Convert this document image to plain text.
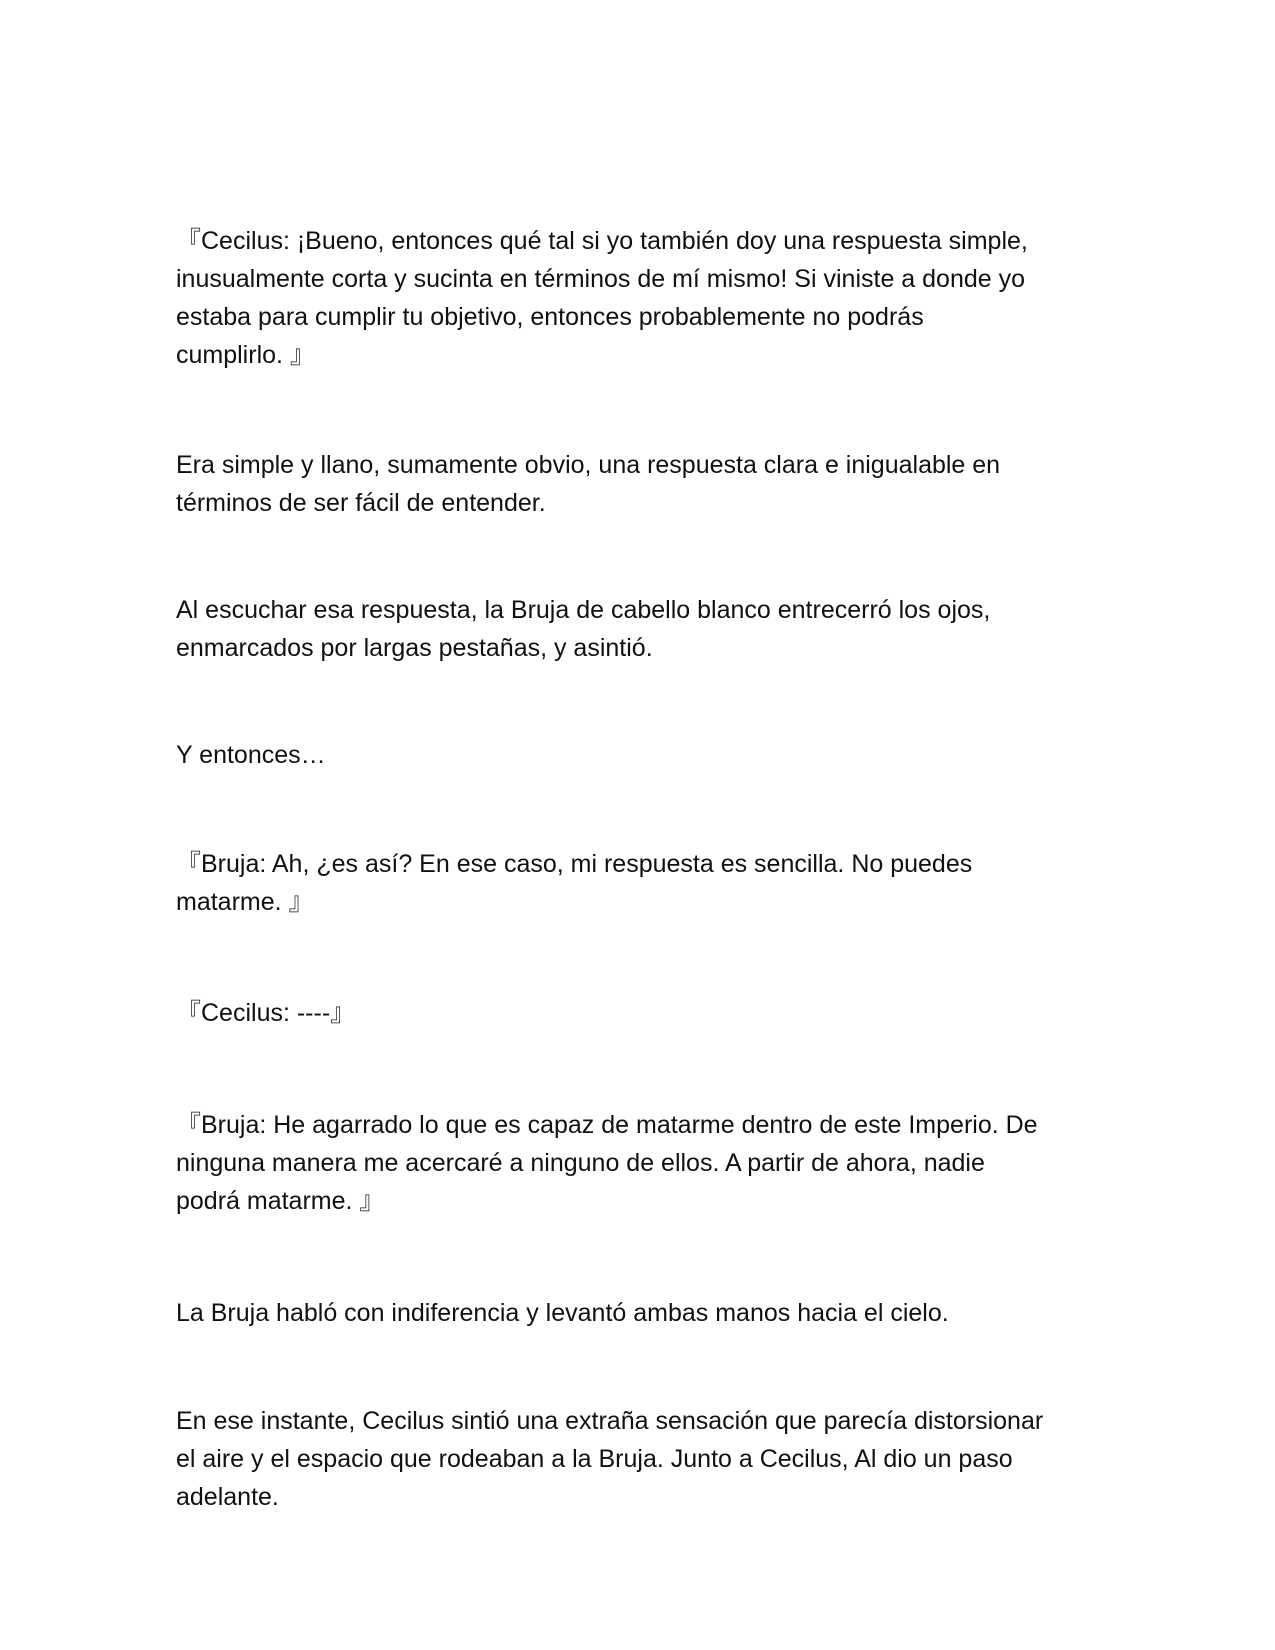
『Cecilus: ¡Bueno, entonces qué tal si yo también doy una respuesta simple,
inusualmente corta y sucinta en términos de mí mismo! Si viniste a donde yo
estaba para cumplir tu objetivo, entonces probablemente no podrás
cumplirlo. 』

Era simple y llano, sumamente obvio, una respuesta clara e inigualable en
términos de ser fácil de entender.

Al escuchar esa respuesta, la Bruja de cabello blanco entrecerró los ojos,
enmarcados por largas pestañas, y asintió.

Y entonces…

『Bruja: Ah, ¿es así? En ese caso, mi respuesta es sencilla. No puedes
matarme. 』

『Cecilus: ----』

『Bruja: He agarrado lo que es capaz de matarme dentro de este Imperio. De
ninguna manera me acercaré a ninguno de ellos. A partir de ahora, nadie
podrá matarme. 』

La Bruja habló con indiferencia y levantó ambas manos hacia el cielo.

En ese instante, Cecilus sintió una extraña sensación que parecía distorsionar
el aire y el espacio que rodeaban a la Bruja. Junto a Cecilus, Al dio un paso
adelante.
